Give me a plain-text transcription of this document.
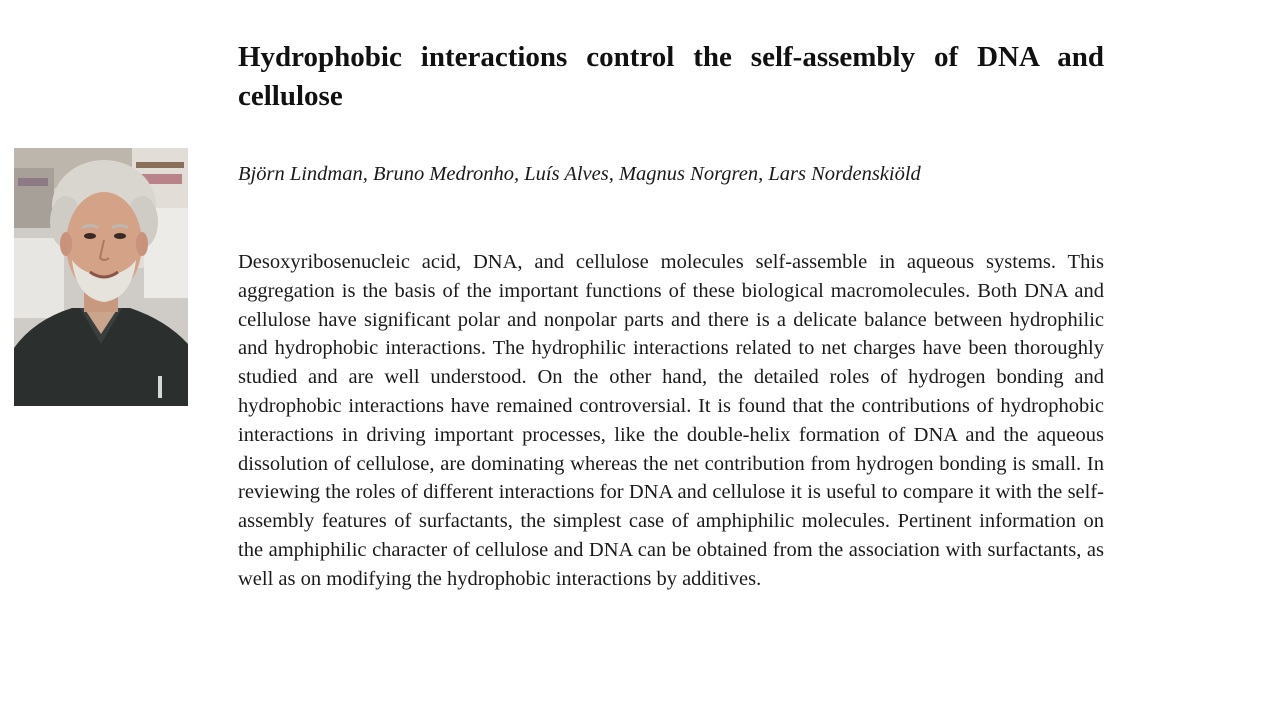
Hydrophobic interactions control the self-assembly of DNA and cellulose

Björn Lindman, Bruno Medronho, Luís Alves, Magnus Norgren, Lars Nordenskiöld

Desoxyribosenucleic acid, DNA, and cellulose molecules self-assemble in aqueous systems. This aggregation is the basis of the important functions of these biological macromolecules. Both DNA and cellulose have significant polar and nonpolar parts and there is a delicate balance between hydrophilic and hydrophobic interactions. The hydrophilic interactions related to net charges have been thoroughly studied and are well understood. On the other hand, the detailed roles of hydrogen bonding and hydrophobic interactions have remained controversial. It is found that the contributions of hydrophobic interactions in driving important processes, like the double-helix formation of DNA and the aqueous dissolution of cellulose, are dominating whereas the net contribution from hydrogen bonding is small. In reviewing the roles of different interactions for DNA and cellulose it is useful to compare it with the self-assembly features of surfactants, the simplest case of amphiphilic molecules. Pertinent information on the amphiphilic character of cellulose and DNA can be obtained from the association with surfactants, as well as on modifying the hydrophobic interactions by additives.
